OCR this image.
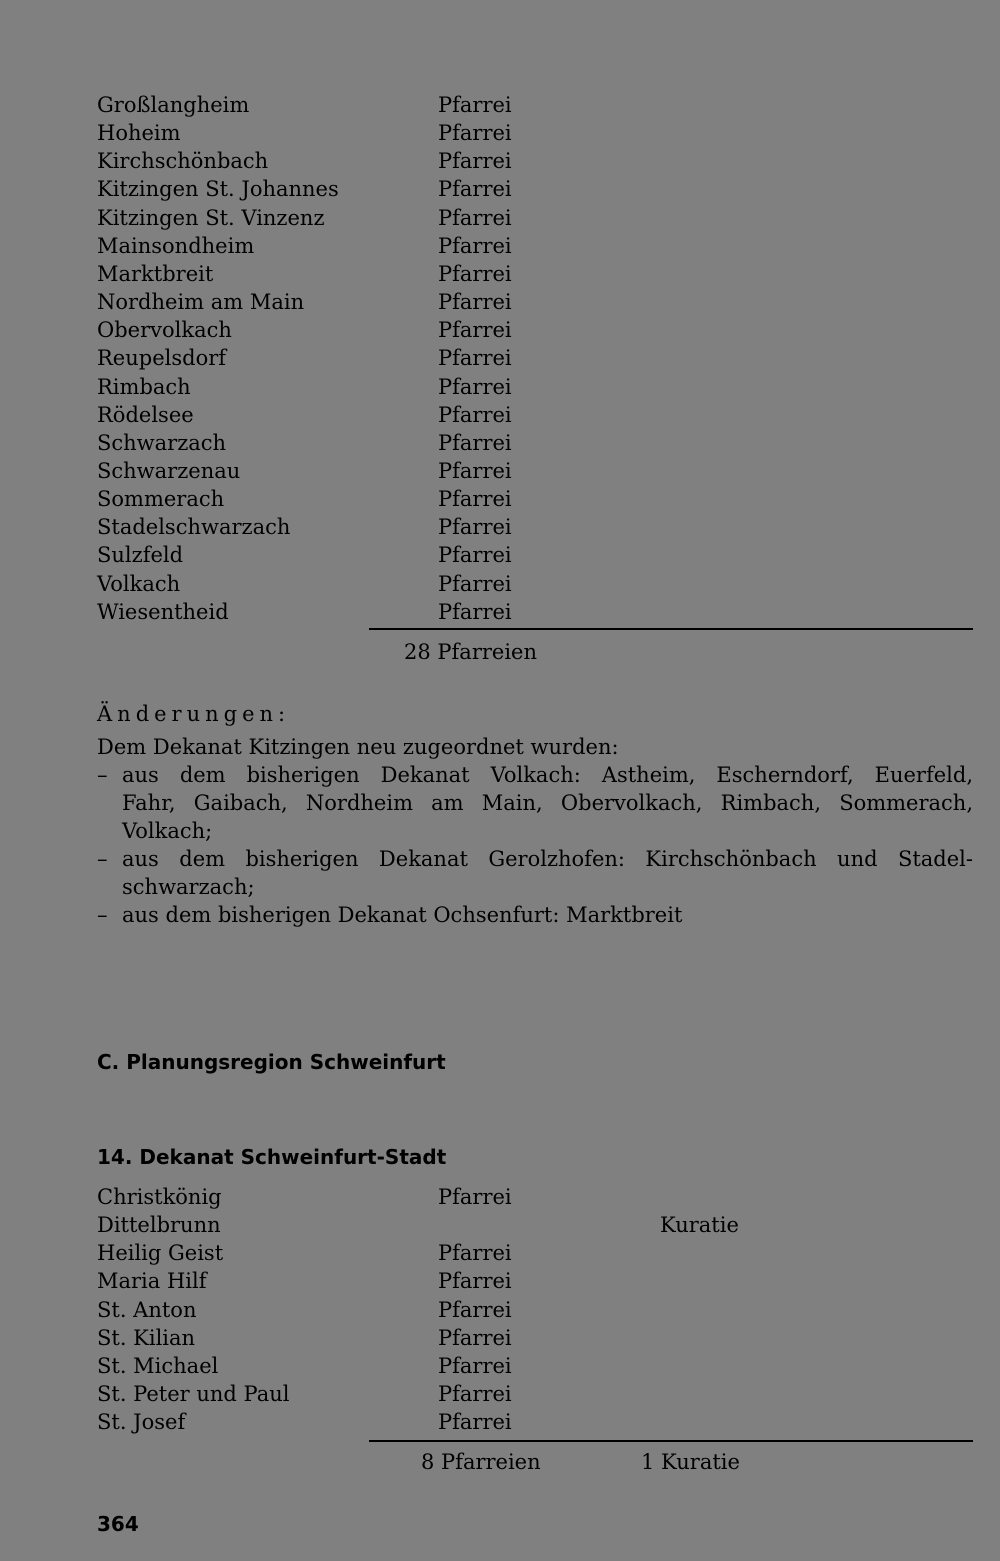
Großlangheim	Pfarrei
Hoheim	Pfarrei
Kirchschönbach	Pfarrei
Kitzingen St. Johannes	Pfarrei
Kitzingen St. Vinzenz	Pfarrei
Mainsondheim	Pfarrei
Marktbreit	Pfarrei
Nordheim am Main	Pfarrei
Obervolkach	Pfarrei
Reupelsdorf	Pfarrei
Rimbach	Pfarrei
Rödelsee	Pfarrei
Schwarzach	Pfarrei
Schwarzenau	Pfarrei
Sommerach	Pfarrei
Stadelschwarzach	Pfarrei
Sulzfeld	Pfarrei
Volkach	Pfarrei
Wiesentheid	Pfarrei
28 Pfarreien
Änderungen:
Dem Dekanat Kitzingen neu zugeordnet wurden:
– aus dem bisherigen Dekanat Volkach: Astheim, Escherndorf, Euerfeld,
Fahr, Gaibach, Nordheim am Main, Obervolkach, Rimbach, Sommerach,
Volkach;
– aus dem bisherigen Dekanat Gerolzhofen: Kirchschönbach und Stadel-
schwarzach;
– aus dem bisherigen Dekanat Ochsenfurt: Marktbreit
C. Planungsregion Schweinfurt
14. Dekanat Schweinfurt-Stadt
Christkönig	Pfarrei
Dittelbrunn	Kuratie
Heilig Geist	Pfarrei
Maria Hilf	Pfarrei
St. Anton	Pfarrei
St. Kilian	Pfarrei
St. Michael	Pfarrei
St. Peter und Paul	Pfarrei
St. Josef	Pfarrei
8 Pfarreien	1 Kuratie
364
